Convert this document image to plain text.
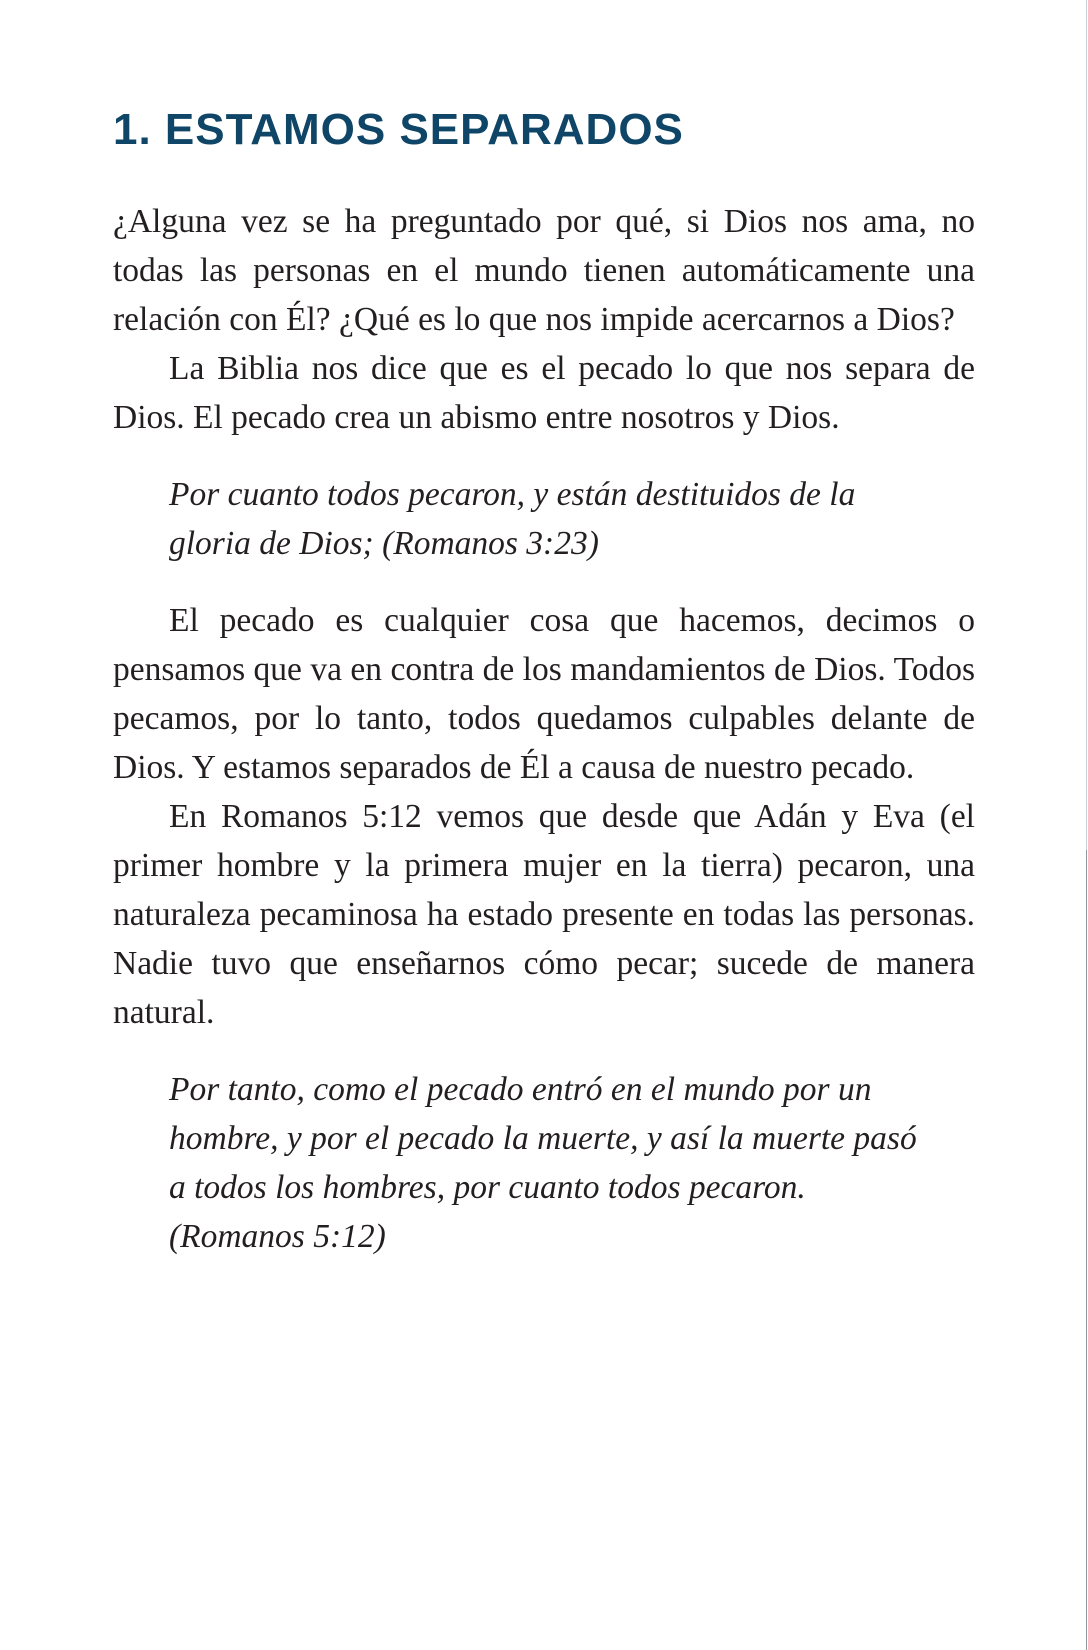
1. ESTAMOS SEPARADOS

¿Alguna vez se ha preguntado por qué, si Dios nos ama, no todas las personas en el mundo tienen automáticamente una relación con Él? ¿Qué es lo que nos impide acercarnos a Dios?

La Biblia nos dice que es el pecado lo que nos separa de Dios. El pecado crea un abismo entre nosotros y Dios.

Por cuanto todos pecaron, y están destituidos de la gloria de Dios; (Romanos 3:23)

El pecado es cualquier cosa que hacemos, decimos o pensamos que va en contra de los mandamientos de Dios. Todos pecamos, por lo tanto, todos quedamos culpables delante de Dios. Y estamos separados de Él a causa de nuestro pecado.

En Romanos 5:12 vemos que desde que Adán y Eva (el primer hombre y la primera mujer en la tierra) pecaron, una naturaleza pecaminosa ha estado presente en todas las personas. Nadie tuvo que enseñarnos cómo pecar; sucede de manera natural.

Por tanto, como el pecado entró en el mundo por un hombre, y por el pecado la muerte, y así la muerte pasó a todos los hombres, por cuanto todos pecaron. (Romanos 5:12)
